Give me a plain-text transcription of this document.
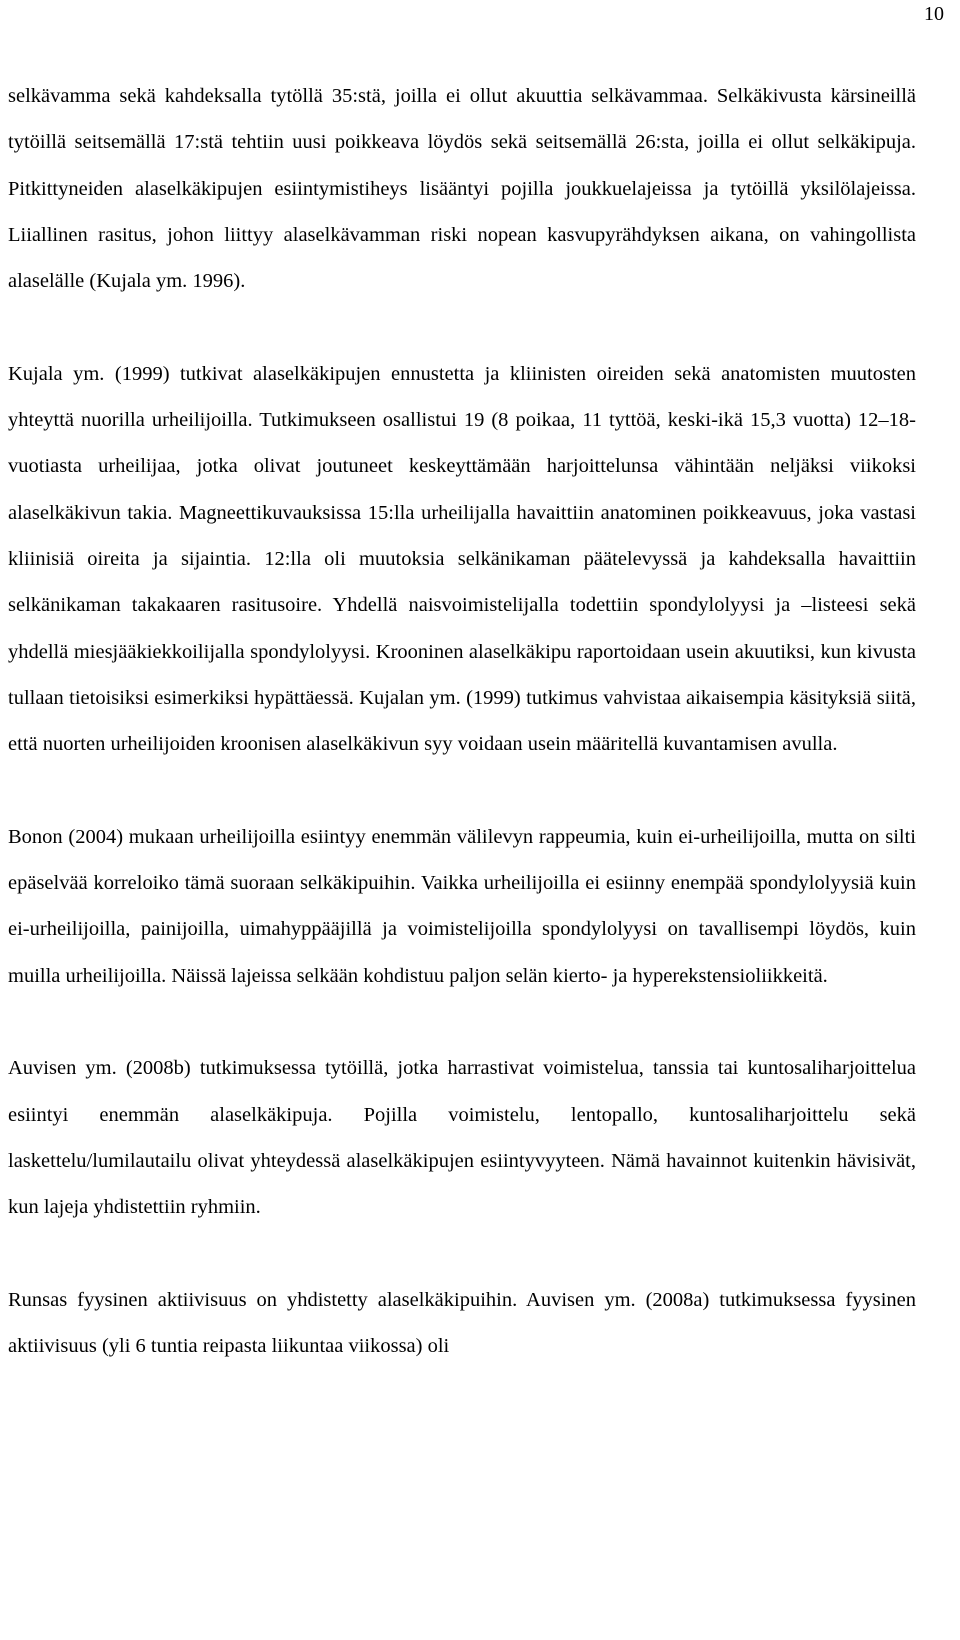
10

selkävamma sekä kahdeksalla tytöllä 35:stä, joilla ei ollut akuuttia selkävammaa. Selkäkivusta kärsineillä tytöillä seitsemällä 17:stä tehtiin uusi poikkeava löydös sekä seitsemällä 26:sta, joilla ei ollut selkäkipuja. Pitkittyneiden alaselkäkipujen esiintymistiheys lisääntyi pojilla joukkuelajeissa ja tytöillä yksilölajeissa. Liiallinen rasitus, johon liittyy alaselkävamman riski nopean kasvupyrähdyksen aikana, on vahingollista alaselälle (Kujala ym. 1996).

Kujala ym. (1999) tutkivat alaselkäkipujen ennustetta ja kliinisten oireiden sekä anatomisten muutosten yhteyttä nuorilla urheilijoilla. Tutkimukseen osallistui 19 (8 poikaa, 11 tyttöä, keski-ikä 15,3 vuotta) 12–18-vuotiasta urheilijaa, jotka olivat joutuneet keskeyttämään harjoittelunsa vähintään neljäksi viikoksi alaselkäkivun takia. Magneettikuvauksissa 15:lla urheilijalla havaittiin anatominen poikkeavuus, joka vastasi kliinisiä oireita ja sijaintia. 12:lla oli muutoksia selkänikaman päätelevyssä ja kahdeksalla havaittiin selkänikaman takakaaren rasitusoire. Yhdellä naisvoimistelijalla todettiin spondylolyysi ja –listeesi sekä yhdellä miesjääkiekkoilijalla spondylolyysi. Krooninen alaselkäkipu raportoidaan usein akuutiksi, kun kivusta tullaan tietoisiksi esimerkiksi hypättäessä. Kujalan ym. (1999) tutkimus vahvistaa aikaisempia käsityksiä siitä, että nuorten urheilijoiden kroonisen alaselkäkivun syy voidaan usein määritellä kuvantamisen avulla.

Bonon (2004) mukaan urheilijoilla esiintyy enemmän välilevyn rappeumia, kuin ei-urheilijoilla, mutta on silti epäselvää korreloiko tämä suoraan selkäkipuihin. Vaikka urheilijoilla ei esiinny enempää spondylolyysiä kuin ei-urheilijoilla, painijoilla, uimahyppääjillä ja voimistelijoilla spondylolyysi on tavallisempi löydös, kuin muilla urheilijoilla. Näissä lajeissa selkään kohdistuu paljon selän kierto- ja hyperekstensioliikkeitä.

Auvisen ym. (2008b) tutkimuksessa tytöillä, jotka harrastivat voimistelua, tanssia tai kuntosaliharjoittelua esiintyi enemmän alaselkäkipuja. Pojilla voimistelu, lentopallo, kuntosaliharjoittelu sekä laskettelu/lumilautailu olivat yhteydessä alaselkäkipujen esiintyvyyteen. Nämä havainnot kuitenkin hävisivät, kun lajeja yhdistettiin ryhmiin.

Runsas fyysinen aktiivisuus on yhdistetty alaselkäkipuihin. Auvisen ym. (2008a) tutkimuksessa fyysinen aktiivisuus (yli 6 tuntia reipasta liikuntaa viikossa) oli
